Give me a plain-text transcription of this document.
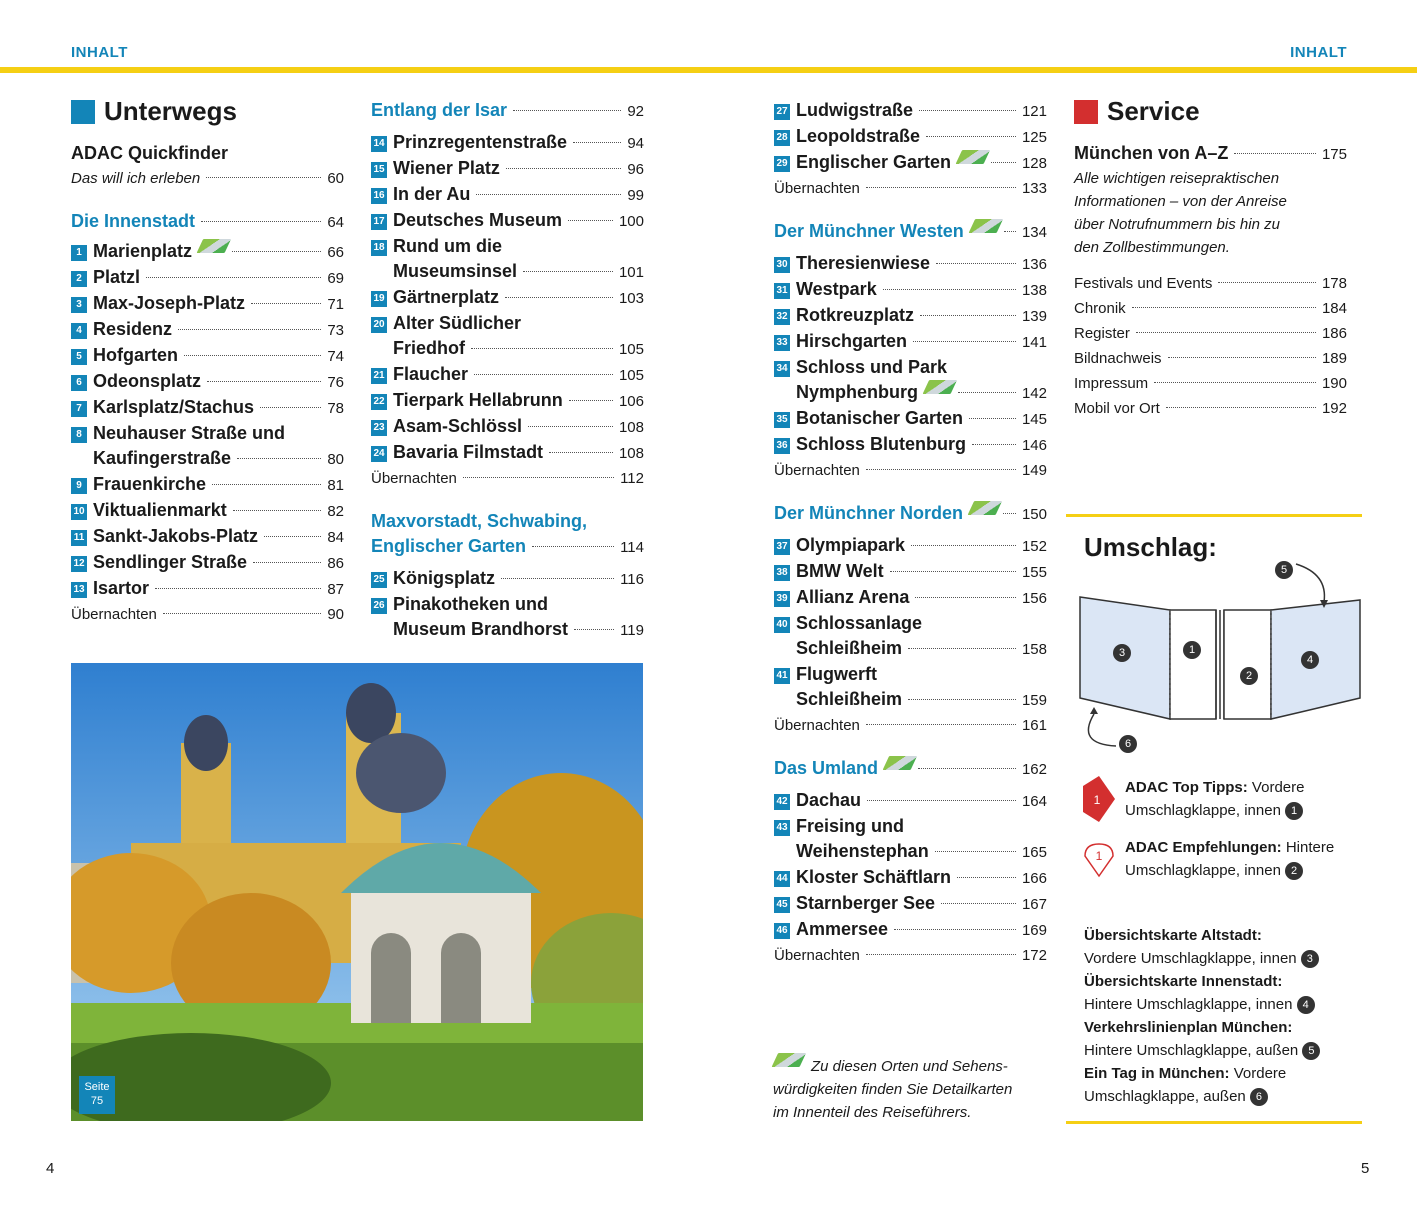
INHALT	INHALT
Unterwegs
ADAC Quickfinder
Das will ich erleben	60
Die Innenstadt	64
1 Marienplatz	66
2 Platzl	69
3 Max-Joseph-Platz	71
4 Residenz	73
5 Hofgarten	74
6 Odeonsplatz	76
7 Karlsplatz/Stachus	78
8 Neuhauser Straße und
Kaufingerstraße	80
9 Frauenkirche	81
10 Viktualienmarkt	82
11 Sankt-Jakobs-Platz	84
12 Sendlinger Straße	86
13 Isartor	87
Übernachten	90
Entlang der Isar	92
14 Prinzregentenstraße	94
15 Wiener Platz	96
16 In der Au	99
17 Deutsches Museum	100
18 Rund um die
Museumsinsel	101
19 Gärtnerplatz	103
20 Alter Südlicher
Friedhof	105
21 Flaucher	105
22 Tierpark Hellabrunn	106
23 Asam-Schlössl	108
24 Bavaria Filmstadt	108
Übernachten	112
Maxvorstadt, Schwabing,
Englischer Garten	114
25 Königsplatz	116
26 Pinakotheken und
Museum Brandhorst	119
Seite
75
27 Ludwigstraße	121
28 Leopoldstraße	125
29 Englischer Garten	128
Übernachten	133
Der Münchner Westen	134
30 Theresienwiese	136
31 Westpark	138
32 Rotkreuzplatz	139
33 Hirschgarten	141
34 Schloss und Park
Nymphenburg	142
35 Botanischer Garten	145
36 Schloss Blutenburg	146
Übernachten	149
Der Münchner Norden	150
37 Olympiapark	152
38 BMW Welt	155
39 Allianz Arena	156
40 Schlossanlage
Schleißheim	158
41 Flugwerft
Schleißheim	159
Übernachten	161
Das Umland	162
42 Dachau	164
43 Freising und
Weihenstephan	165
44 Kloster Schäftlarn	166
45 Starnberger See	167
46 Ammersee	169
Übernachten	172
Zu diesen Orten und Sehens-
würdigkeiten finden Sie Detailkarten
im Innenteil des Reiseführers.
Service
München von A–Z	175
Alle wichtigen reisepraktischen
Informationen – von der Anreise
über Notrufnummern bis hin zu
den Zollbestimmungen.
Festivals und Events	178
Chronik	184
Register	186
Bildnachweis	189
Impressum	190
Mobil vor Ort	192
Umschlag:
5
3	1
2
4
6
1
ADAC Top Tipps: Vordere
Umschlagklappe, innen 1
1 ADAC Empfehlungen: Hintere
Umschlagklappe, innen 2
Übersichtskarte Altstadt:
Vordere Umschlagklappe, innen 3
Übersichtskarte Innenstadt:
Hintere Umschlagklappe, innen 4
Verkehrslinienplan München:
Hintere Umschlagklappe, außen 5
Ein Tag in München: Vordere
Umschlagklappe, außen 6
4	5
